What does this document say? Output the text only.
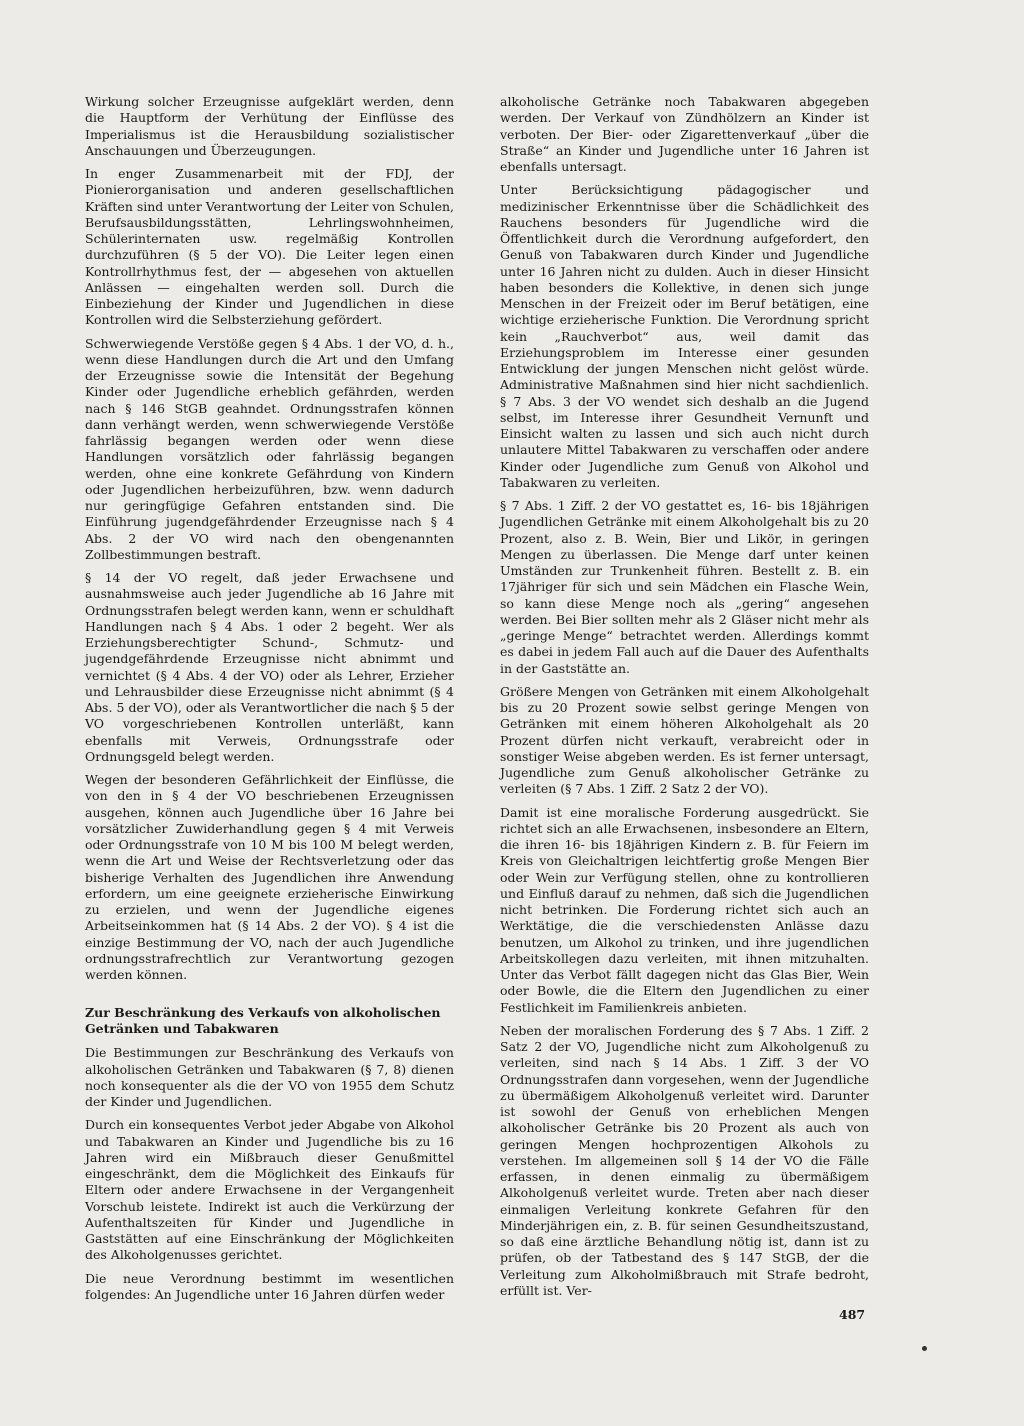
Wirkung solcher Erzeugnisse aufgeklärt werden, denn die Hauptform der Verhütung der Einflüsse des Imperialismus ist die Herausbildung sozialistischer Anschauungen und Überzeugungen.

In enger Zusammenarbeit mit der FDJ, der Pionierorganisation und anderen gesellschaftlichen Kräften sind unter Verantwortung der Leiter von Schulen, Berufsausbildungsstätten, Lehrlingswohnheimen, Schülerinternaten usw. regelmäßig Kontrollen durchzuführen (§ 5 der VO). Die Leiter legen einen Kontrollrhythmus fest, der — abgesehen von aktuellen Anlässen — eingehalten werden soll. Durch die Einbeziehung der Kinder und Jugendlichen in diese Kontrollen wird die Selbsterziehung gefördert.

Schwerwiegende Verstöße gegen § 4 Abs. 1 der VO, d. h., wenn diese Handlungen durch die Art und den Umfang der Erzeugnisse sowie die Intensität der Begehung Kinder oder Jugendliche erheblich gefährden, werden nach § 146 StGB geahndet. Ordnungsstrafen können dann verhängt werden, wenn schwerwiegende Verstöße fahrlässig begangen werden oder wenn diese Handlungen vorsätzlich oder fahrlässig begangen werden, ohne eine konkrete Gefährdung von Kindern oder Jugendlichen herbeizuführen, bzw. wenn dadurch nur geringfügige Gefahren entstanden sind. Die Einführung jugendgefährdender Erzeugnisse nach § 4 Abs. 2 der VO wird nach den obengenannten Zollbestimmungen bestraft.

§ 14 der VO regelt, daß jeder Erwachsene und ausnahmsweise auch jeder Jugendliche ab 16 Jahre mit Ordnungsstrafen belegt werden kann, wenn er schuldhaft Handlungen nach § 4 Abs. 1 oder 2 begeht. Wer als Erziehungsberechtigter Schund-, Schmutz- und jugendgefährdende Erzeugnisse nicht abnimmt und vernichtet (§ 4 Abs. 4 der VO) oder als Lehrer, Erzieher und Lehrausbilder diese Erzeugnisse nicht abnimmt (§ 4 Abs. 5 der VO), oder als Verantwortlicher die nach § 5 der VO vorgeschriebenen Kontrollen unterläßt, kann ebenfalls mit Verweis, Ordnungsstrafe oder Ordnungsgeld belegt werden.

Wegen der besonderen Gefährlichkeit der Einflüsse, die von den in § 4 der VO beschriebenen Erzeugnissen ausgehen, können auch Jugendliche über 16 Jahre bei vorsätzlicher Zuwiderhandlung gegen § 4 mit Verweis oder Ordnungsstrafe von 10 M bis 100 M belegt werden, wenn die Art und Weise der Rechtsverletzung oder das bisherige Verhalten des Jugendlichen ihre Anwendung erfordern, um eine geeignete erzieherische Einwirkung zu erzielen, und wenn der Jugendliche eigenes Arbeitseinkommen hat (§ 14 Abs. 2 der VO). § 4 ist die einzige Bestimmung der VO, nach der auch Jugendliche ordnungsstrafrechtlich zur Verantwortung gezogen werden können.

Zur Beschränkung des Verkaufs von alkoholischen Getränken und Tabakwaren

Die Bestimmungen zur Beschränkung des Verkaufs von alkoholischen Getränken und Tabakwaren (§ 7, 8) dienen noch konsequenter als die der VO von 1955 dem Schutz der Kinder und Jugendlichen.

Durch ein konsequentes Verbot jeder Abgabe von Alkohol und Tabakwaren an Kinder und Jugendliche bis zu 16 Jahren wird ein Mißbrauch dieser Genußmittel eingeschränkt, dem die Möglichkeit des Einkaufs für Eltern oder andere Erwachsene in der Vergangenheit Vorschub leistete. Indirekt ist auch die Verkürzung der Aufenthaltszeiten für Kinder und Jugendliche in Gaststätten auf eine Einschränkung der Möglichkeiten des Alkoholgenusses gerichtet.

Die neue Verordnung bestimmt im wesentlichen folgendes: An Jugendliche unter 16 Jahren dürfen weder

alkoholische Getränke noch Tabakwaren abgegeben werden. Der Verkauf von Zündhölzern an Kinder ist verboten. Der Bier- oder Zigarettenverkauf „über die Straße“ an Kinder und Jugendliche unter 16 Jahren ist ebenfalls untersagt.

Unter Berücksichtigung pädagogischer und medizinischer Erkenntnisse über die Schädlichkeit des Rauchens besonders für Jugendliche wird die Öffentlichkeit durch die Verordnung aufgefordert, den Genuß von Tabakwaren durch Kinder und Jugendliche unter 16 Jahren nicht zu dulden. Auch in dieser Hinsicht haben besonders die Kollektive, in denen sich junge Menschen in der Freizeit oder im Beruf betätigen, eine wichtige erzieherische Funktion. Die Verordnung spricht kein „Rauchverbot“ aus, weil damit das Erziehungsproblem im Interesse einer gesunden Entwicklung der jungen Menschen nicht gelöst würde. Administrative Maßnahmen sind hier nicht sachdienlich. § 7 Abs. 3 der VO wendet sich deshalb an die Jugend selbst, im Interesse ihrer Gesundheit Vernunft und Einsicht walten zu lassen und sich auch nicht durch unlautere Mittel Tabakwaren zu verschaffen oder andere Kinder oder Jugendliche zum Genuß von Alkohol und Tabakwaren zu verleiten.

§ 7 Abs. 1 Ziff. 2 der VO gestattet es, 16- bis 18jährigen Jugendlichen Getränke mit einem Alkoholgehalt bis zu 20 Prozent, also z. B. Wein, Bier und Likör, in geringen Mengen zu überlassen. Die Menge darf unter keinen Umständen zur Trunkenheit führen. Bestellt z. B. ein 17jähriger für sich und sein Mädchen ein Flasche Wein, so kann diese Menge noch als „gering“ angesehen werden. Bei Bier sollten mehr als 2 Gläser nicht mehr als „geringe Menge“ betrachtet werden. Allerdings kommt es dabei in jedem Fall auch auf die Dauer des Aufenthalts in der Gaststätte an.

Größere Mengen von Getränken mit einem Alkoholgehalt bis zu 20 Prozent sowie selbst geringe Mengen von Getränken mit einem höheren Alkoholgehalt als 20 Prozent dürfen nicht verkauft, verabreicht oder in sonstiger Weise abgeben werden. Es ist ferner untersagt, Jugendliche zum Genuß alkoholischer Getränke zu verleiten (§ 7 Abs. 1 Ziff. 2 Satz 2 der VO).

Damit ist eine moralische Forderung ausgedrückt. Sie richtet sich an alle Erwachsenen, insbesondere an Eltern, die ihren 16- bis 18jährigen Kindern z. B. für Feiern im Kreis von Gleichaltrigen leichtfertig große Mengen Bier oder Wein zur Verfügung stellen, ohne zu kontrollieren und Einfluß darauf zu nehmen, daß sich die Jugendlichen nicht betrinken. Die Forderung richtet sich auch an Werktätige, die die verschiedensten Anlässe dazu benutzen, um Alkohol zu trinken, und ihre jugendlichen Arbeitskollegen dazu verleiten, mit ihnen mitzuhalten. Unter das Verbot fällt dagegen nicht das Glas Bier, Wein oder Bowle, die die Eltern den Jugendlichen zu einer Festlichkeit im Familienkreis anbieten.

Neben der moralischen Forderung des § 7 Abs. 1 Ziff. 2 Satz 2 der VO, Jugendliche nicht zum Alkoholgenuß zu verleiten, sind nach § 14 Abs. 1 Ziff. 3 der VO Ordnungsstrafen dann vorgesehen, wenn der Jugendliche zu übermäßigem Alkoholgenuß verleitet wird. Darunter ist sowohl der Genuß von erheblichen Mengen alkoholischer Getränke bis 20 Prozent als auch von geringen Mengen hochprozentigen Alkohols zu verstehen. Im allgemeinen soll § 14 der VO die Fälle erfassen, in denen einmalig zu übermäßigem Alkoholgenuß verleitet wurde. Treten aber nach dieser einmaligen Verleitung konkrete Gefahren für den Minderjährigen ein, z. B. für seinen Gesundheitszustand, so daß eine ärztliche Behandlung nötig ist, dann ist zu prüfen, ob der Tatbestand des § 147 StGB, der die Verleitung zum Alkoholmißbrauch mit Strafe bedroht, erfüllt ist. Ver-

487
